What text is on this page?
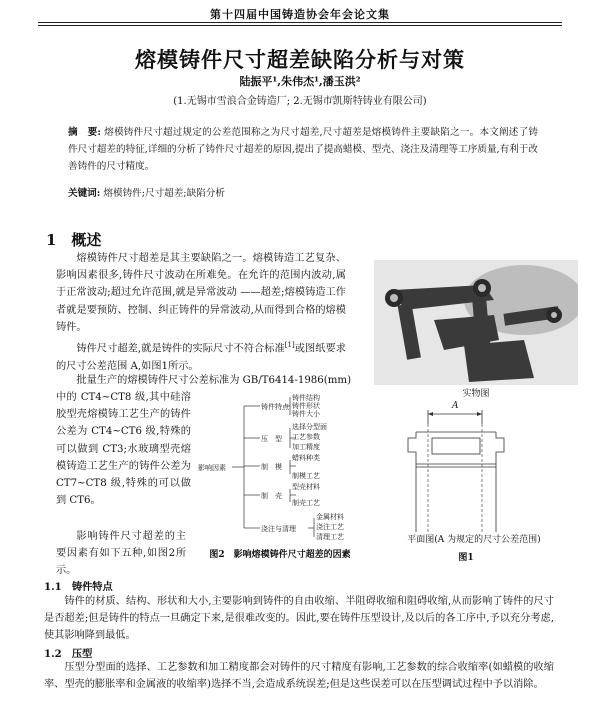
第十四届中国铸造协会年会论文集
熔模铸件尺寸超差缺陷分析与对策
陆振平¹,朱伟杰¹,潘玉洪²
(1.无锡市雪浪合金铸造厂; 2.无锡市凯斯特铸业有限公司)
摘　要: 熔模铸件尺寸超过规定的公差范围称之为尺寸超差,尺寸超差是熔模铸件主要缺陷之一。本文阐述了铸件尺寸超差的特征,详细的分析了铸件尺寸超差的原因,提出了提高蜡模、型壳、浇注及清理等工序质量,有利于改善铸件的尺寸精度。
关键词: 熔模铸件;尺寸超差;缺陷分析
1　概述
熔模铸件尺寸超差是其主要缺陷之一。熔模铸造工艺复杂、影响因素很多,铸件尺寸波动在所难免。在允许的范围内波动,属于正常波动;超过允许范围,就是异常波动 ——超差;熔模铸造工作者就是要预防、控制、纠正铸件的异常波动,从而得到合格的熔模铸件。
铸件尺寸超差,就是铸件的实际尺寸不符合标准[1]或图纸要求的尺寸公差范围 A,如图1所示。
批量生产的熔模铸件尺寸公差标准为 GB/T6414-1986(mm)
中的 CT4~CT8 级,其中硅溶胶型壳熔模铸工艺生产的铸件公差为 CT4~CT6 级,特殊的可以做到 CT3;水玻璃型壳熔模铸造工艺生产的铸件公差为 CT7~CT8 级,特殊的可以做到 CT6。
影响铸件尺寸超差的主要因素有如下五种,如图2所示。
影响因素
铸件特点
压　型
制　模
制　壳
浇注与清理
铸件结构
铸件形状
铸件大小
选择分型面
工艺参数
加工精度
蜡料种类
制模工艺
型壳材料
制壳工艺
金属材料
浇注工艺
清理工艺
图2　影响熔模铸件尺寸超差的因素
实物图
A
平面图(A 为规定的尺寸公差范围)
图1
1.1　铸件特点
铸件的材质、结构、形状和大小,主要影响到铸件的自由收缩、半阻碍收缩和阻碍收缩,从而影响了铸件的尺寸是否超差;但是铸件的特点一旦确定下来,是很难改变的。因此,要在铸件压型设计,及以后的各工序中,予以充分考虑,使其影响降到最低。
1.2　压型
压型分型面的选择、工艺参数和加工精度都会对铸件的尺寸精度有影响,工艺参数的综合收缩率(如蜡模的收缩率、型壳的膨胀率和金属液的收缩率)选择不当,会造成系统误差;但是这些误差可以在压型调试过程中予以消除。
